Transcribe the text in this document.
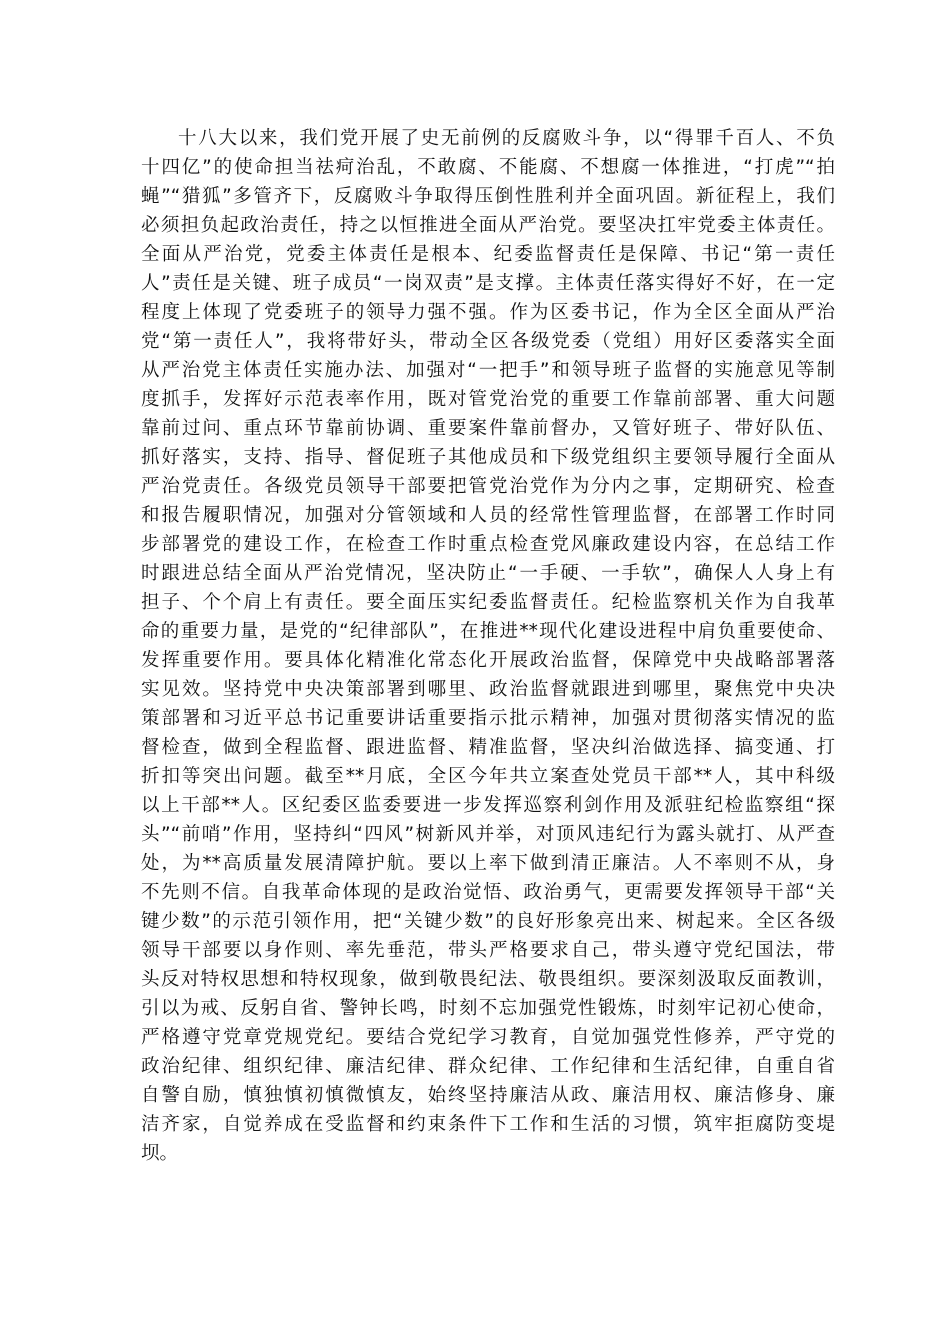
十八大以来，我们党开展了史无前例的反腐败斗争，以“得罪千百人、不负
十四亿”的使命担当祛疴治乱，不敢腐、不能腐、不想腐一体推进，“打虎”“拍
蝇”“猎狐”多管齐下，反腐败斗争取得压倒性胜利并全面巩固。新征程上，我们
必须担负起政治责任，持之以恒推进全面从严治党。要坚决扛牢党委主体责任。
全面从严治党，党委主体责任是根本、纪委监督责任是保障、书记“第一责任
人”责任是关键、班子成员“一岗双责”是支撑。主体责任落实得好不好，在一定
程度上体现了党委班子的领导力强不强。作为区委书记，作为全区全面从严治
党“第一责任人”，我将带好头，带动全区各级党委（党组）用好区委落实全面
从严治党主体责任实施办法、加强对“一把手”和领导班子监督的实施意见等制
度抓手，发挥好示范表率作用，既对管党治党的重要工作靠前部署、重大问题
靠前过问、重点环节靠前协调、重要案件靠前督办，又管好班子、带好队伍、
抓好落实，支持、指导、督促班子其他成员和下级党组织主要领导履行全面从
严治党责任。各级党员领导干部要把管党治党作为分内之事，定期研究、检查
和报告履职情况，加强对分管领域和人员的经常性管理监督，在部署工作时同
步部署党的建设工作，在检查工作时重点检查党风廉政建设内容，在总结工作
时跟进总结全面从严治党情况，坚决防止“一手硬、一手软”，确保人人身上有
担子、个个肩上有责任。要全面压实纪委监督责任。纪检监察机关作为自我革
命的重要力量，是党的“纪律部队”，在推进**现代化建设进程中肩负重要使命、
发挥重要作用。要具体化精准化常态化开展政治监督，保障党中央战略部署落
实见效。坚持党中央决策部署到哪里、政治监督就跟进到哪里，聚焦党中央决
策部署和习近平总书记重要讲话重要指示批示精神，加强对贯彻落实情况的监
督检查，做到全程监督、跟进监督、精准监督，坚决纠治做选择、搞变通、打
折扣等突出问题。截至**月底，全区今年共立案查处党员干部**人，其中科级
以上干部**人。区纪委区监委要进一步发挥巡察利剑作用及派驻纪检监察组“探
头”“前哨”作用，坚持纠“四风”树新风并举，对顶风违纪行为露头就打、从严查
处，为**高质量发展清障护航。要以上率下做到清正廉洁。人不率则不从，身
不先则不信。自我革命体现的是政治觉悟、政治勇气，更需要发挥领导干部“关
键少数”的示范引领作用，把“关键少数”的良好形象亮出来、树起来。全区各级
领导干部要以身作则、率先垂范，带头严格要求自己，带头遵守党纪国法，带
头反对特权思想和特权现象，做到敬畏纪法、敬畏组织。要深刻汲取反面教训，
引以为戒、反躬自省、警钟长鸣，时刻不忘加强党性锻炼，时刻牢记初心使命，
严格遵守党章党规党纪。要结合党纪学习教育，自觉加强党性修养，严守党的
政治纪律、组织纪律、廉洁纪律、群众纪律、工作纪律和生活纪律，自重自省
自警自励，慎独慎初慎微慎友，始终坚持廉洁从政、廉洁用权、廉洁修身、廉
洁齐家，自觉养成在受监督和约束条件下工作和生活的习惯，筑牢拒腐防变堤
坝。
